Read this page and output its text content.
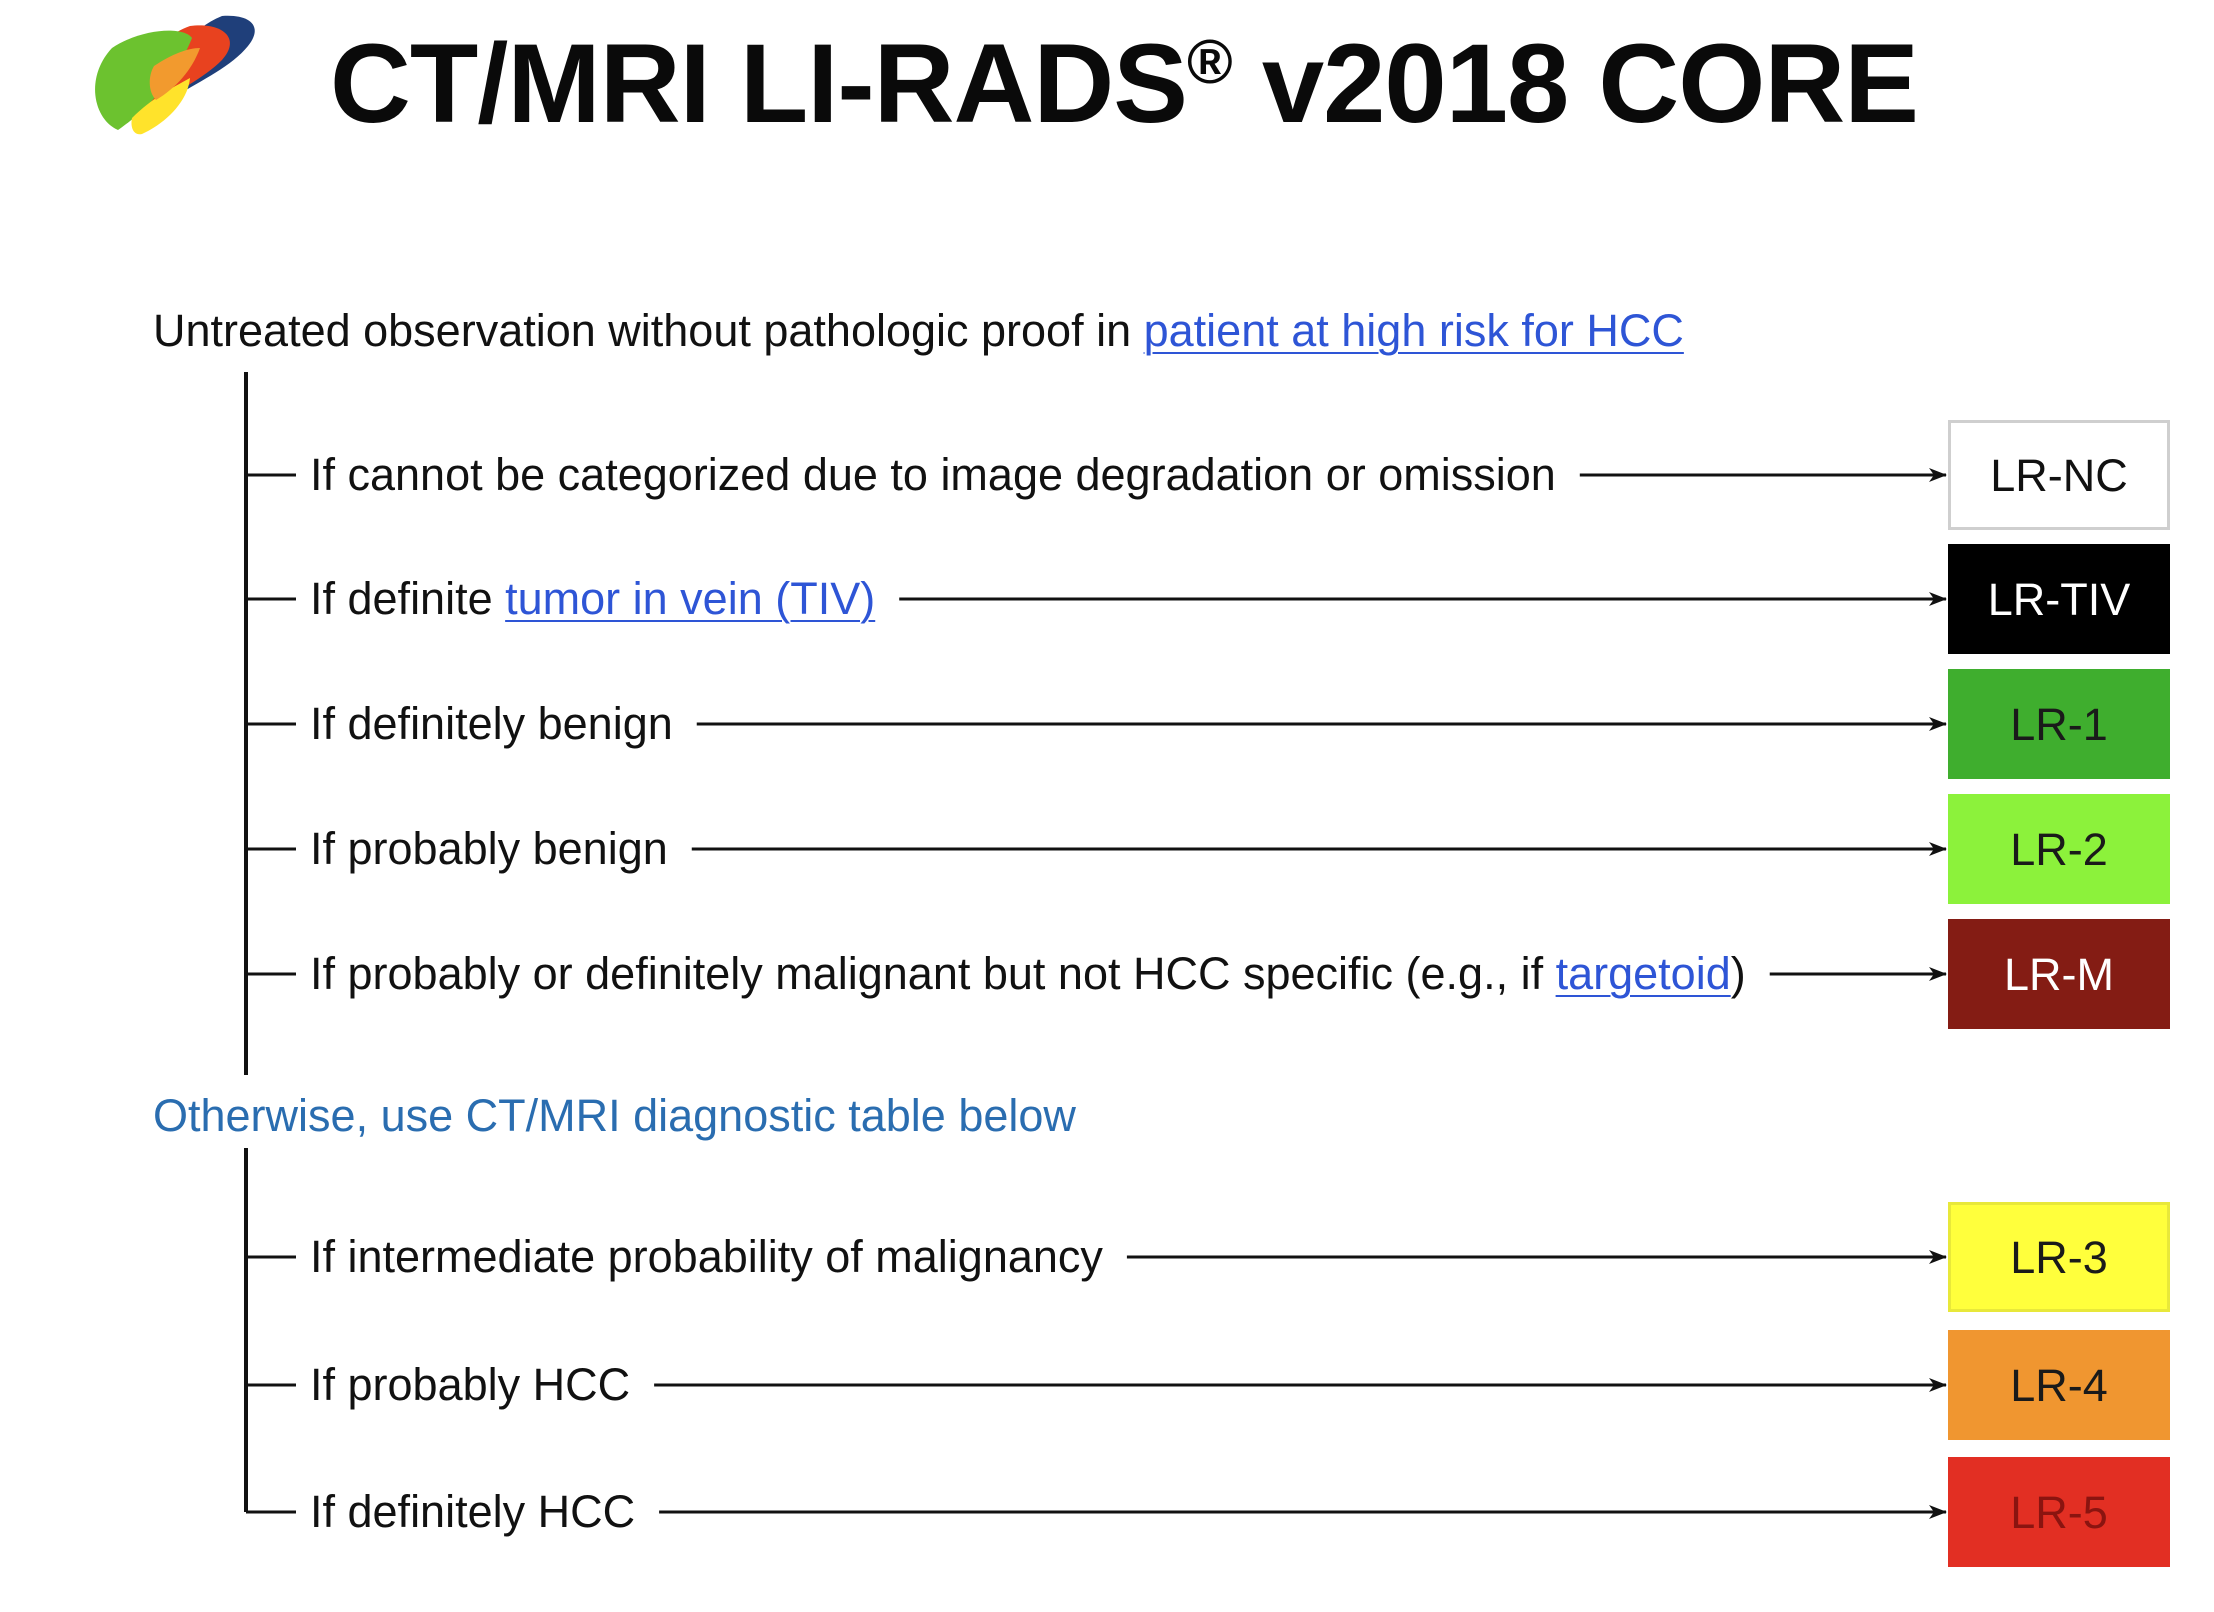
CT/MRI LI-RADS® v2018 CORE
Untreated observation without pathologic proof in patient at high risk for HCC
Otherwise, use CT/MRI diagnostic table below
If cannot be categorized due to image degradation or omission	LR-NC
If definite tumor in vein (TIV)	LR-TIV
If definitely benign	LR-1
If probably benign	LR-2
If probably or definitely malignant but not HCC specific (e.g., if targetoid)	LR-M
If intermediate probability of malignancy	LR-3
If probably HCC	LR-4
If definitely HCC	LR-5
